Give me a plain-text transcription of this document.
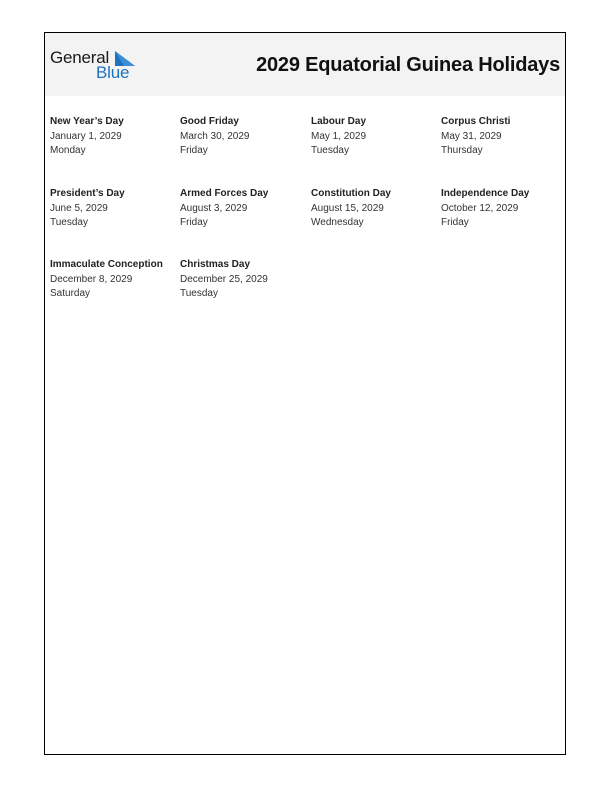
General
Blue	2029 Equatorial Guinea Holidays
New Year’s Day
January 1, 2029
Monday
Good Friday
March 30, 2029
Friday
Labour Day
May 1, 2029
Tuesday
Corpus Christi
May 31, 2029
Thursday
President’s Day
June 5, 2029
Tuesday
Armed Forces Day
August 3, 2029
Friday
Constitution Day
August 15, 2029
Wednesday
Independence Day
October 12, 2029
Friday
Immaculate Conception
December 8, 2029
Saturday
Christmas Day
December 25, 2029
Tuesday
